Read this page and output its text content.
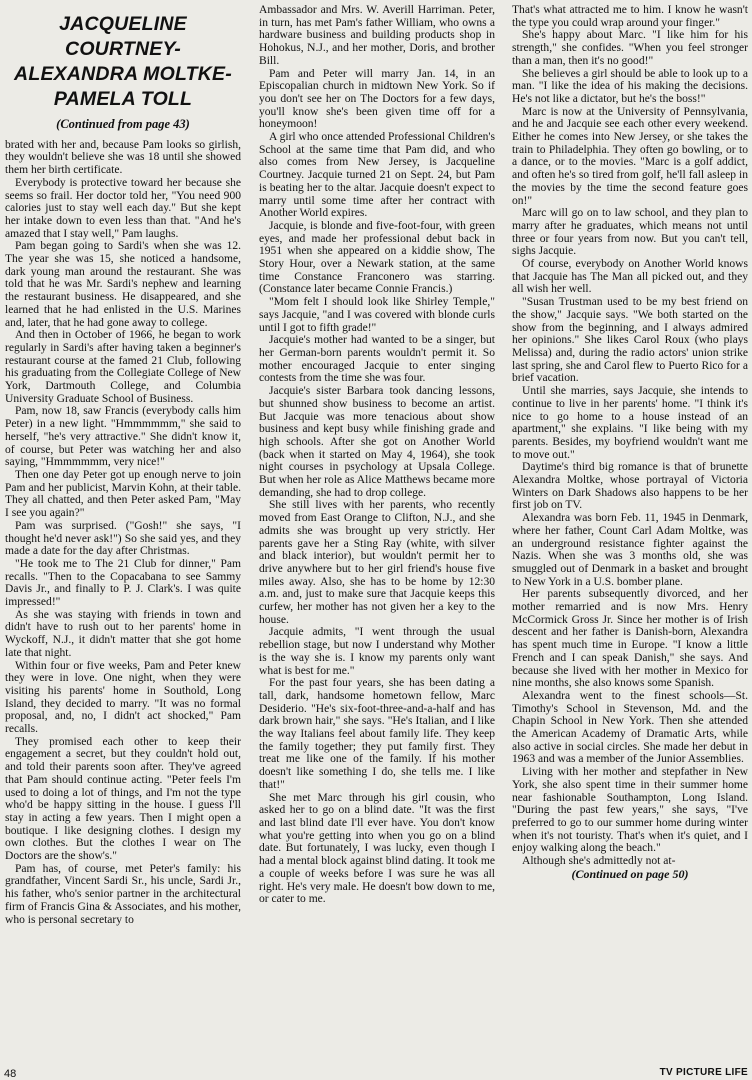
JACQUELINE COURTNEY-
ALEXANDRA MOLTKE-
PAMELA TOLL
(Continued from page 43)

brated with her and, because Pam looks so girlish, they wouldn't believe she was 18 until she showed them her birth certificate.

Everybody is protective toward her because she seems so frail. Her doctor told her, "You need 900 calories just to stay well each day." But she kept her intake down to even less than that. "And he's amazed that I stay well," Pam laughs.

Pam began going to Sardi's when she was 12. The year she was 15, she noticed a handsome, dark young man around the restaurant. She was told that he was Mr. Sardi's nephew and learning the restaurant business. He disappeared, and she learned that he had enlisted in the U.S. Marines and, later, that he had gone away to college.

And then in October of 1966, he began to work regularly in Sardi's after having taken a beginner's restaurant course at the famed 21 Club, following his graduating from the Collegiate College of New York, Dartmouth College, and Columbia University Graduate School of Business.

Pam, now 18, saw Francis (everybody calls him Peter) in a new light. "Hmmmmmm," she said to herself, "he's very attractive." She didn't know it, of course, but Peter was watching her and also saying, "Hmmmmmm, very nice!"

Then one day Peter got up enough nerve to join Pam and her publicist, Marvin Kohn, at their table. They all chatted, and then Peter asked Pam, "May I see you again?"

Pam was surprised. ("Gosh!" she says, "I thought he'd never ask!") So she said yes, and they made a date for the day after Christmas.

"He took me to The 21 Club for dinner," Pam recalls. "Then to the Copacabana to see Sammy Davis Jr., and finally to P. J. Clark's. I was quite impressed!"

As she was staying with friends in town and didn't have to rush out to her parents' home in Wyckoff, N.J., it didn't matter that she got home late that night.

Within four or five weeks, Pam and Peter knew they were in love. One night, when they were visiting his parents' home in Southold, Long Island, they decided to marry. "It was no formal proposal, and, no, I didn't act shocked," Pam recalls.

They promised each other to keep their engagement a secret, but they couldn't hold out, and told their parents soon after. They've agreed that Pam should continue acting. "Peter feels I'm used to doing a lot of things, and I'm not the type who'd be happy sitting in the house. I guess I'll stay in acting a few years. Then I might open a boutique. I like designing clothes. I design my own clothes. But the clothes I wear on The Doctors are the show's."

Pam has, of course, met Peter's family: his grandfather, Vincent Sardi Sr., his uncle, Sardi Jr., his father, who's senior partner in the architectural firm of Francis Gina & Associates, and his mother, who is personal secretary to

Ambassador and Mrs. W. Averill Harriman. Peter, in turn, has met Pam's father William, who owns a hardware business and building products shop in Hohokus, N.J., and her mother, Doris, and brother Bill.

Pam and Peter will marry Jan. 14, in an Episcopalian church in midtown New York. So if you don't see her on The Doctors for a few days, you'll know she's been given time off for a honeymoon!

A girl who once attended Professional Children's School at the same time that Pam did, and who also comes from New Jersey, is Jacqueline Courtney. Jacquie turned 21 on Sept. 24, but Pam is beating her to the altar. Jacquie doesn't expect to marry until some time after her contract with Another World expires.

Jacquie, is blonde and five-foot-four, with green eyes, and made her professional debut back in 1951 when she appeared on a kiddie show, The Story Hour, over a Newark station, at the same time Constance Franconero was starring. (Constance later became Connie Francis.)

"Mom felt I should look like Shirley Temple," says Jacquie, "and I was covered with blonde curls until I got to fifth grade!"

Jacquie's mother had wanted to be a singer, but her German-born parents wouldn't permit it. So mother encouraged Jacquie to enter singing contests from the time she was four.

Jacquie's sister Barbara took dancing lessons, but shunned show business to become an artist. But Jacquie was more tenacious about show business and kept busy while finishing grade and high schools. After she got on Another World (back when it started on May 4, 1964), she took night courses in psychology at Upsala College. But when her role as Alice Matthews became more demanding, she had to drop college.

She still lives with her parents, who recently moved from East Orange to Clifton, N.J., and she admits she was brought up very strictly. Her parents gave her a Sting Ray (white, with silver and black interior), but wouldn't permit her to drive anywhere but to her girl friend's house five miles away. Also, she has to be home by 12:30 a.m. and, just to make sure that Jacquie keeps this curfew, her mother has not given her a key to the house.

Jacquie admits, "I went through the usual rebellion stage, but now I understand why Mother is the way she is. I know my parents only want what is best for me."

For the past four years, she has been dating a tall, dark, handsome hometown fellow, Marc Desiderio. "He's six-foot-three-and-a-half and has dark brown hair," she says. "He's Italian, and I like the way Italians feel about family life. They keep the family together; they put family first. They treat me like one of the family. If his mother doesn't like something I do, she tells me. I like that!"

She met Marc through his girl cousin, who asked her to go on a blind date. "It was the first and last blind date I'll ever have. You don't know what you're getting into when you go on a blind date. But fortunately, I was lucky, even though I had a mental block against blind dating. It took me a couple of weeks before I was sure he was all right. He's very male. He doesn't bow down to me, or cater to me.

That's what attracted me to him. I know he wasn't the type you could wrap around your finger."

She's happy about Marc. "I like him for his strength," she confides. "When you feel stronger than a man, then it's no good!"

She believes a girl should be able to look up to a man. "I like the idea of his making the decisions. He's not like a dictator, but he's the boss!"

Marc is now at the University of Pennsylvania, and he and Jacquie see each other every weekend. Either he comes into New Jersey, or she takes the train to Philadelphia. They often go bowling, or to a dance, or to the movies. "Marc is a golf addict, and often he's so tired from golf, he'll fall asleep in the movies by the time the second feature goes on!"

Marc will go on to law school, and they plan to marry after he graduates, which means not until three or four years from now. But you can't tell, sighs Jacquie.

Of course, everybody on Another World knows that Jacquie has The Man all picked out, and they all wish her well.

"Susan Trustman used to be my best friend on the show," Jacquie says. "We both started on the show from the beginning, and I always admired her opinions." She likes Carol Roux (who plays Melissa) and, during the radio actors' union strike last spring, she and Carol flew to Puerto Rico for a brief vacation.

Until she marries, says Jacquie, she intends to continue to live in her parents' home. "I think it's nice to go home to a house instead of an apartment," she explains. "I like being with my parents. Besides, my boyfriend wouldn't want me to move out."

Daytime's third big romance is that of brunette Alexandra Moltke, whose portrayal of Victoria Winters on Dark Shadows also happens to be her first job on TV.

Alexandra was born Feb. 11, 1945 in Denmark, where her father, Count Carl Adam Moltke, was an underground resistance fighter against the Nazis. When she was 3 months old, she was smuggled out of Denmark in a basket and brought to New York in a U.S. bomber plane.

Her parents subsequently divorced, and her mother remarried and is now Mrs. Henry McCormick Gross Jr. Since her mother is of Irish descent and her father is Danish-born, Alexandra has spent much time in Europe. "I know a little French and I can speak Danish," she says. And because she lived with her mother in Mexico for nine months, she also knows some Spanish.

Alexandra went to the finest schools—St. Timothy's School in Stevenson, Md. and the Chapin School in New York. Then she attended the American Academy of Dramatic Arts, while also active in social circles. She made her debut in 1963 and was a member of the Junior Assemblies.

Living with her mother and stepfather in New York, she also spent time in their summer home near fashionable Southampton, Long Island. "During the past few years," she says, "I've preferred to go to our summer home during winter when it's not touristy. That's when it's quiet, and I enjoy walking along the beach."

Although she's admittedly not at-

(Continued on page 50)
48	TV PICTURE LIFE
